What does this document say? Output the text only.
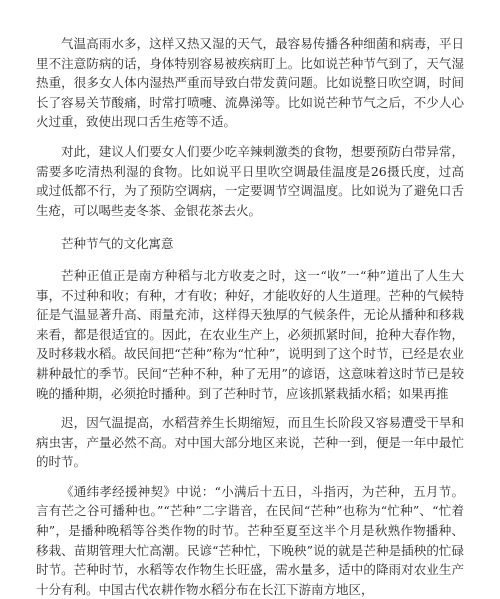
气温高雨水多，这样又热又湿的天气，最容易传播各种细菌和病毒，平日里不注意防病的话，身体特别容易被疾病盯上。比如说芒种节气到了，天气湿热重，很多女人体内湿热严重而导致白带发黄问题。比如说整日吹空调，时间长了容易关节酸痛，时常打喷嚏、流鼻涕等。比如说芒种节气之后，不少人心火过重，致使出现口舌生疮等不适。

对此，建议人们要女人们要少吃辛辣刺激类的食物，想要预防白带异常，需要多吃清热利湿的食物。比如说平日里吹空调最佳温度是26摄氏度，过高或过低都不行，为了预防空调病，一定要调节空调温度。比如说为了避免口舌生疮，可以喝些麦冬茶、金银花茶去火。

芒种节气的文化寓意

芒种正值正是南方种稻与北方收麦之时，这一“收”一“种”道出了人生大事，不过种和收；有种，才有收；种好，才能收好的人生道理。芒种的气候特征是气温显著升高、雨量充沛，这样得天独厚的气候条件，无论从播种和移栽来看，都是很适宜的。因此，在农业生产上，必须抓紧时间，抢种大春作物，及时移栽水稻。故民间把“芒种”称为“忙种”，说明到了这个时节，已经是农业耕种最忙的季节。民间“芒种不种，种了无用”的谚语，这意味着这时节已是较晚的播种期，必须抢时播种。到了芒种时节，应该抓紧栽插水稻；如果再推

迟，因气温提高，水稻营养生长期缩短，而且生长阶段又容易遭受干旱和病虫害，产量必然不高。对中国大部分地区来说，芒种一到，便是一年中最忙的时节。

《通纬孝经援神契》中说：“小满后十五日，斗指丙，为芒种，五月节。言有芒之谷可播种也。”“芒种”二字谐音，在民间“芒种”也称为“忙种”、“忙着种”，是播种晚稻等谷类作物的时节。芒种至夏至这半个月是秋熟作物播种、移栽、苗期管理大忙高潮。民谚“芒种忙，下晚秧”说的就是芒种是插秧的忙碌时节。芒种时节，水稻等农作物生长旺盛，需水量多，适中的降雨对农业生产十分有利。中国古代农耕作物水稻分布在长江下游南方地区，
